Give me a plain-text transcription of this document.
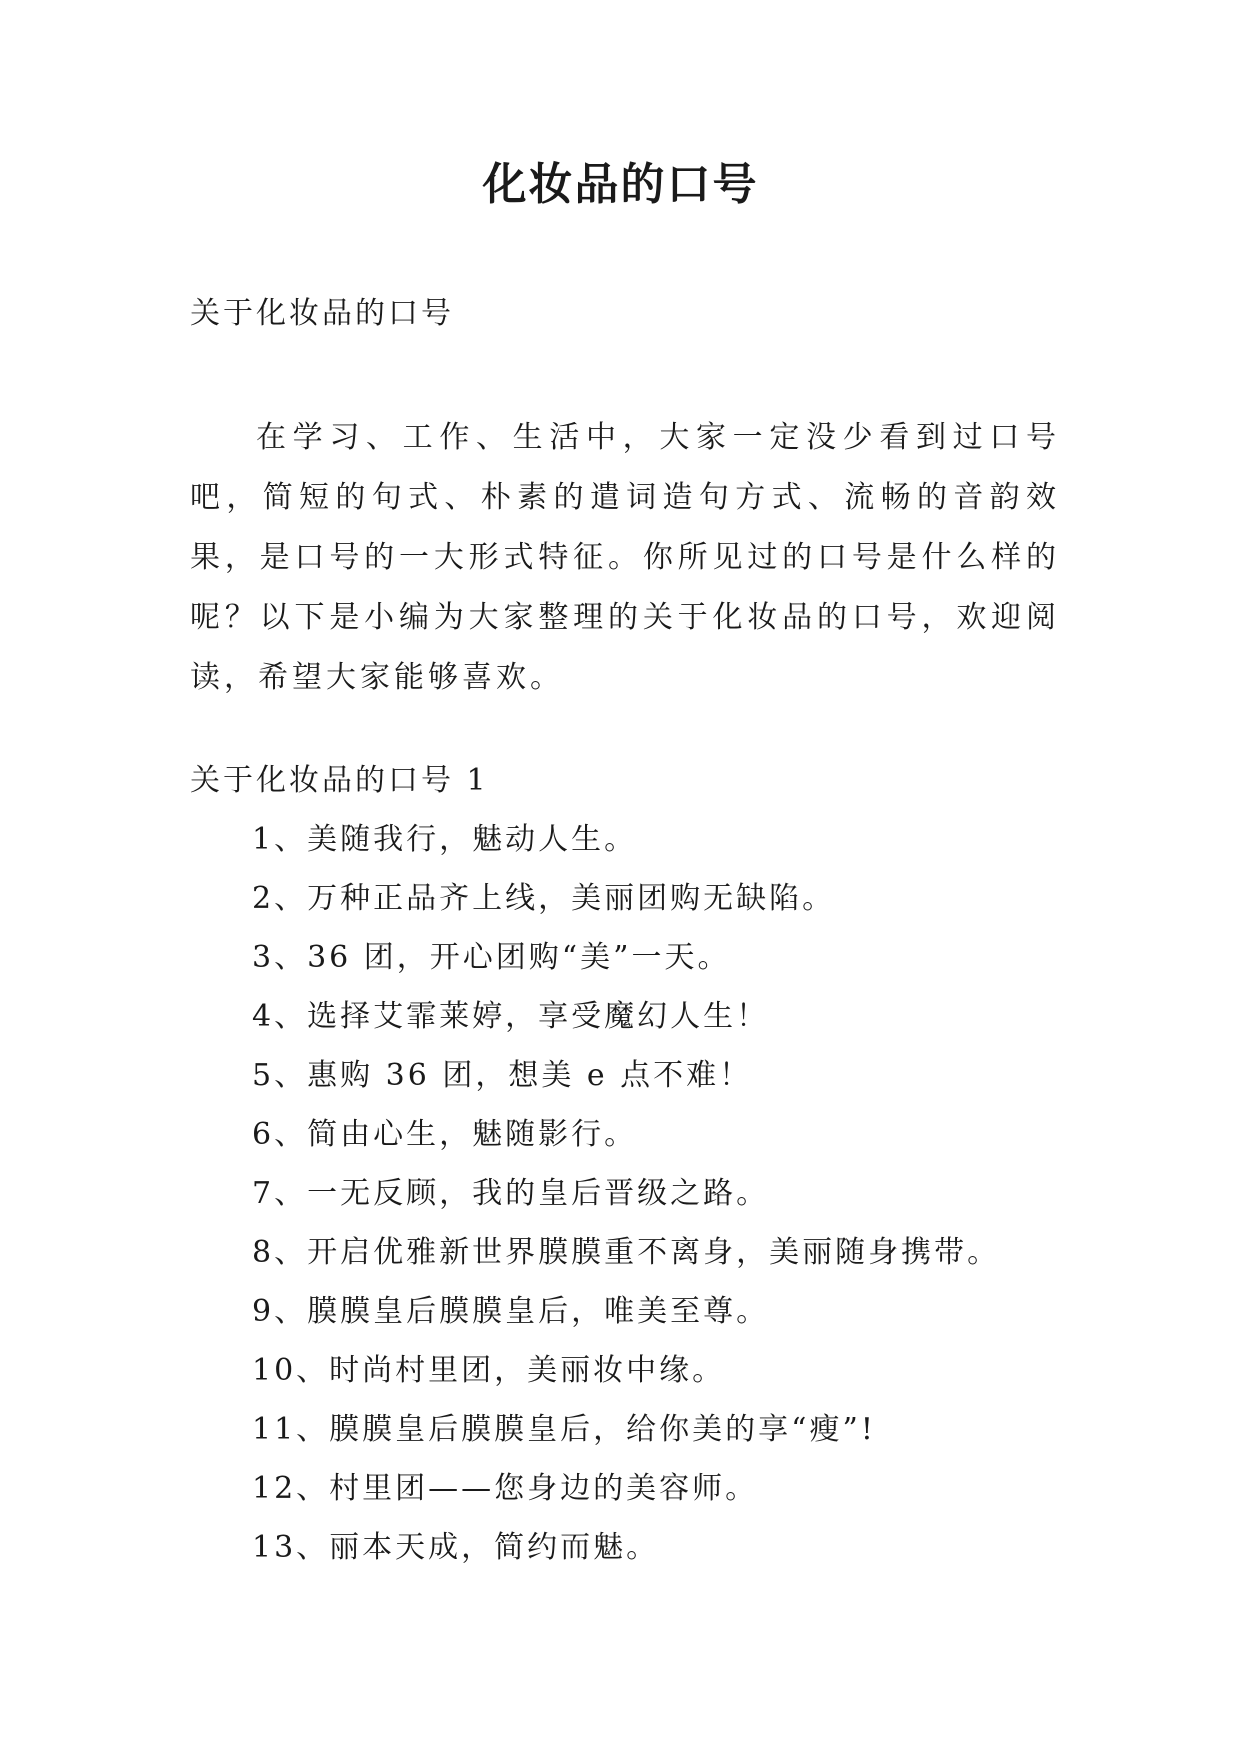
化妆品的口号
关于化妆品的口号

在学习、工作、生活中，大家一定没少看到过口号吧，简短的句式、朴素的遣词造句方式、流畅的音韵效果，是口号的一大形式特征。你所见过的口号是什么样的呢？以下是小编为大家整理的关于化妆品的口号，欢迎阅读，希望大家能够喜欢。

关于化妆品的口号 1
1、美随我行，魅动人生。
2、万种正品齐上线，美丽团购无缺陷。
3、36 团，开心团购“美”一天。
4、选择艾霏莱婷，享受魔幻人生！
5、惠购 36 团，想美 e 点不难！
6、简由心生，魅随影行。
7、一无反顾，我的皇后晋级之路。
8、开启优雅新世界膜膜重不离身，美丽随身携带。
9、膜膜皇后膜膜皇后，唯美至尊。
10、时尚村里团，美丽妆中缘。
11、膜膜皇后膜膜皇后，给你美的享“瘦”!
12、村里团——您身边的美容师。
13、丽本天成，简约而魅。
